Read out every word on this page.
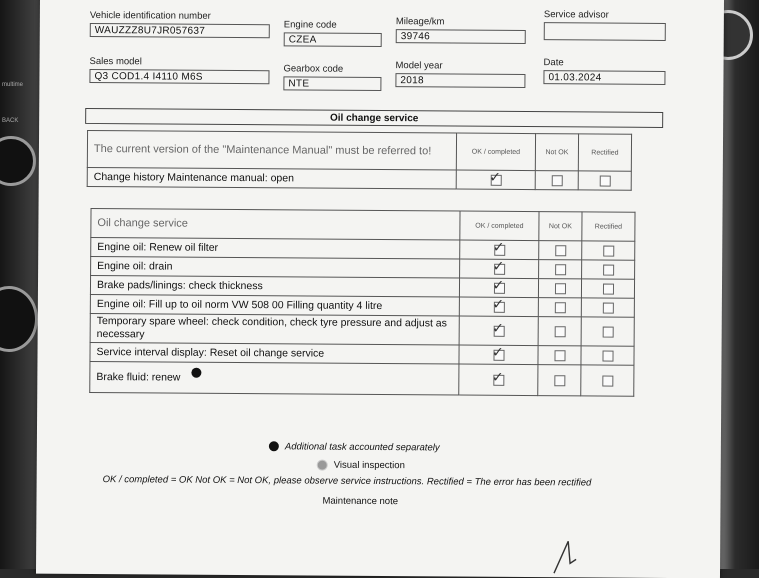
multime
BACK
Vehicle identification number
WAUZZZ8U7JR057637	Engine code
CZEA
Mileage/km
39746
Service advisor
Sales model
Q3 COD1.4 I4110 M6S
Gearbox code
NTE
Model year
2018
Date
01.03.2024
Oil change service
The current version of the "Maintenance Manual" must be referred to!	OK / completed	Not OK	Rectified
Change history Maintenance manual: open	✓		

Oil change service	OK / completed	Not OK	Rectified
Engine oil: Renew oil filter	✓		

Engine oil: drain	✓		

Brake pads/linings: check thickness	✓		

Engine oil: Fill up to oil norm VW 508 00 Filling quantity 4 litre	✓		

Temporary spare wheel: check condition, check tyre pressure and adjust as necessary	✓		

Service interval display: Reset oil change service	✓		

Brake fluid: renew	✓		

Additional task accounted separately
Visual inspection
OK / completed = OK Not OK = Not OK, please observe service instructions. Rectified = The error has been rectified
Maintenance note
